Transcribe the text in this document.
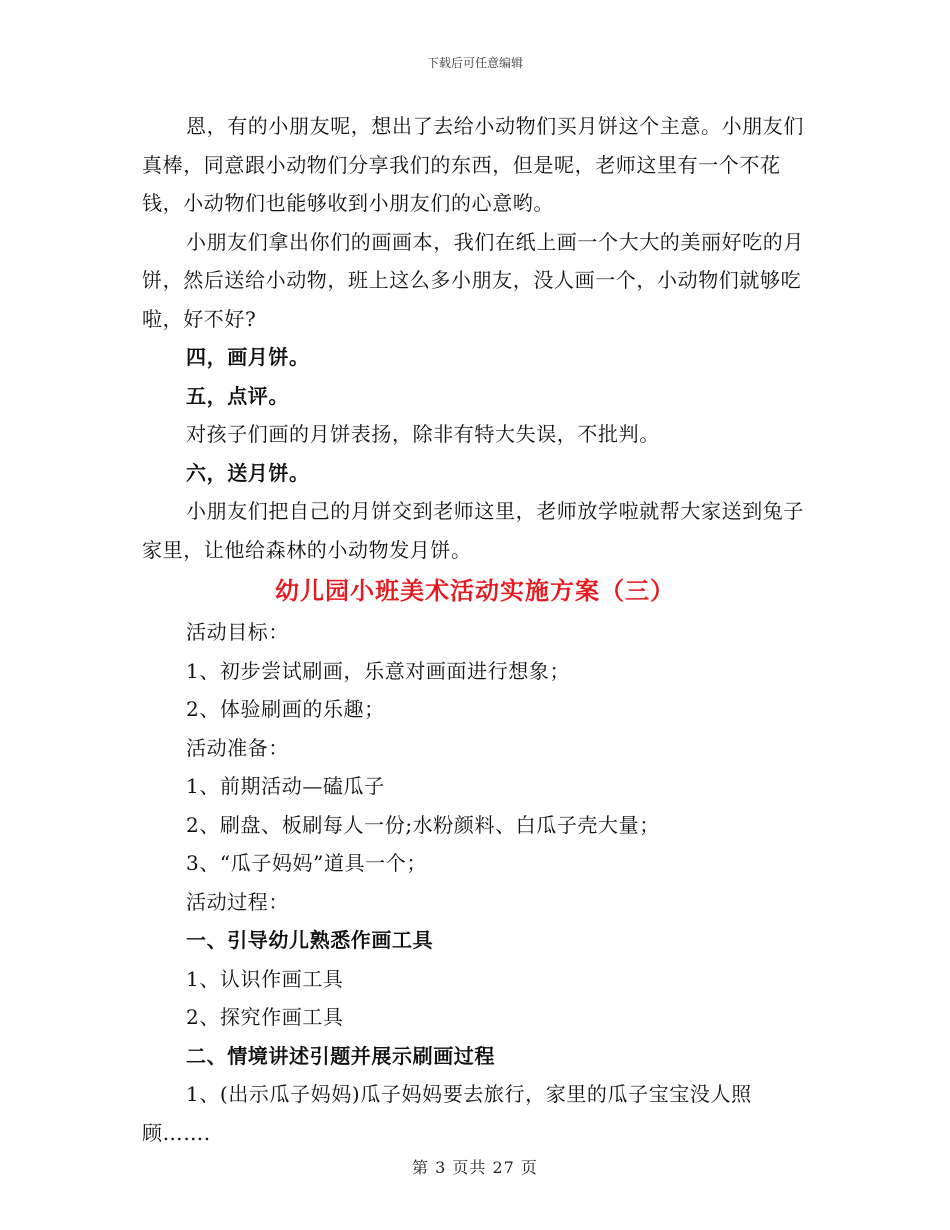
下载后可任意编辑

恩，有的小朋友呢，想出了去给小动物们买月饼这个主意。小朋友们真棒，同意跟小动物们分享我们的东西，但是呢，老师这里有一个不花钱，小动物们也能够收到小朋友们的心意哟。

小朋友们拿出你们的画画本，我们在纸上画一个大大的美丽好吃的月饼，然后送给小动物，班上这么多小朋友，没人画一个，小动物们就够吃啦，好不好?

四，画月饼。

五，点评。

对孩子们画的月饼表扬，除非有特大失误，不批判。

六，送月饼。

小朋友们把自己的月饼交到老师这里，老师放学啦就帮大家送到兔子家里，让他给森林的小动物发月饼。

幼儿园小班美术活动实施方案（三）

活动目标：

1、初步尝试刷画，乐意对画面进行想象；

2、体验刷画的乐趣；

活动准备：

1、前期活动—磕瓜子

2、刷盘、板刷每人一份;水粉颜料、白瓜子壳大量；

3、“瓜子妈妈”道具一个；

活动过程：

一、引导幼儿熟悉作画工具

1、认识作画工具

2、探究作画工具

二、情境讲述引题并展示刷画过程

1、(出示瓜子妈妈)瓜子妈妈要去旅行，家里的瓜子宝宝没人照顾…….

第 3 页共 27 页
